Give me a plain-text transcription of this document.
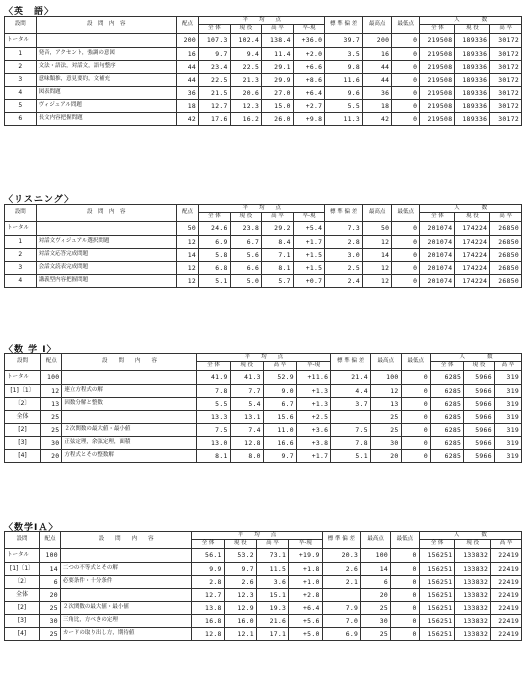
〈英　語〉
設問	設　問　内　容	配点	平　　均　　点				標 準 偏 差	最高点	最低点	人　　　　数		
			全 体	現 役	高 卒	卒-現				全 体	現 役	高 卒
トータル		200	107.3	102.4	138.4	+36.0	39.7	200	0	219508	189336	30172
1	発音，アクセント，強調の意図	16	9.7	9.4	11.4	+2.0	3.5	16	0	219508	189336	30172
2	文法・語法，対話文，語句整序	44	23.4	22.5	29.1	+6.6	9.8	44	0	219508	189336	30172
3	意味類推，意見要約，文補充	44	22.5	21.3	29.9	+8.6	11.6	44	0	219508	189336	30172
4	図表問題	36	21.5	20.6	27.0	+6.4	9.6	36	0	219508	189336	30172
5	ヴィジュアル問題	18	12.7	12.3	15.0	+2.7	5.5	18	0	219508	189336	30172
6	長文内容把握問題	42	17.6	16.2	26.0	+9.8	11.3	42	0	219508	189336	30172
〈リスニング〉
設問	設　問　内　容	配点	平　　均　　点				標 準 偏 差	最高点	最低点	人　　　　数		
			全 体	現 役	高 卒	卒-現				全 体	現 役	高 卒
トータル		50	24.6	23.8	29.2	+5.4	7.3	50	0	201074	174224	26850
1	対話文ヴィジュアル選択問題	12	6.9	6.7	8.4	+1.7	2.8	12	0	201074	174224	26850
2	対話文応答完成問題	14	5.8	5.6	7.1	+1.5	3.0	14	0	201074	174224	26850
3	会話文読表完成問題	12	6.8	6.6	8.1	+1.5	2.5	12	0	201074	174224	26850
4	講義型内容把握問題	12	5.1	5.0	5.7	+0.7	2.4	12	0	201074	174224	26850
〈数 学 Ⅰ〉
設問	配点	設　　問　　内　　容	平　　均　　点				標 準 偏 差	最高点	最低点	人　　　　数		
			全 体	現 役	高 卒	卒-現				全 体	現 役	高 卒
トータル	100		41.9	41.3	52.9	+11.6	21.4	100	0	6285	5966	319
[1]〔1〕	12	連立方程式の解	7.8	7.7	9.0	+1.3	4.4	12	0	6285	5966	319
〔2〕	13	因数分解と整数	5.5	5.4	6.7	+1.3	3.7	13	0	6285	5966	319
全体	25		13.3	13.1	15.6	+2.5		25	0	6285	5966	319
[2]	25	２次関数の最大値・最小値	7.5	7.4	11.0	+3.6	7.5	25	0	6285	5966	319
[3]	30	正弦定理，余弦定理，面積	13.0	12.8	16.6	+3.8	7.8	30	0	6285	5966	319
[4]	20	方程式とその整数解	8.1	8.0	9.7	+1.7	5.1	20	0	6285	5966	319
〈数学ⅠＡ〉
設問	配点	設　　問　　内　　容	平　　均　　点				標 準 偏 差	最高点	最低点	人　　　　数		
			全 体	現 役	高 卒	卒-現				全 体	現 役	高 卒
トータル	100		56.1	53.2	73.1	+19.9	20.3	100	0	156251	133832	22419
[1]〔1〕	14	二つの不等式とその解	9.9	9.7	11.5	+1.8	2.6	14	0	156251	133832	22419
〔2〕	6	必要条件・十分条件	2.8	2.6	3.6	+1.0	2.1	6	0	156251	133832	22419
全体	20		12.7	12.3	15.1	+2.8		20	0	156251	133832	22419
[2]	25	２次関数の最大値・最小値	13.8	12.9	19.3	+6.4	7.9	25	0	156251	133832	22419
[3]	30	三角比，方べきの定理	16.8	16.0	21.6	+5.6	7.0	30	0	156251	133832	22419
[4]	25	カードの取り出し方，期待値	12.8	12.1	17.1	+5.0	6.9	25	0	156251	133832	22419
